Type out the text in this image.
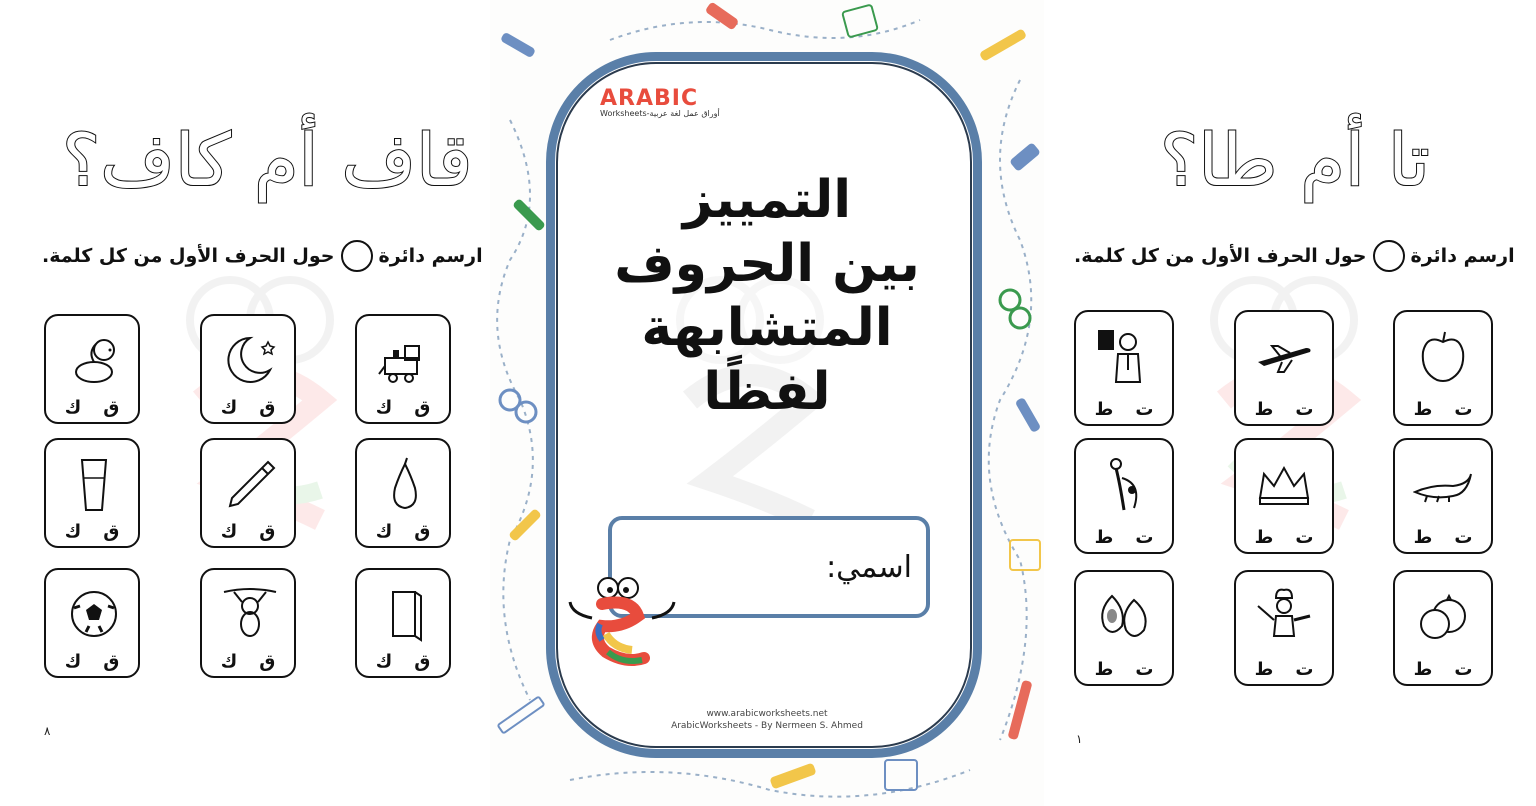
قاف أم كاف؟
ارسم دائرة
حول الحرف الأول من كل كلمة.
ق
ك
ق
ك
ق
ك
ق
ك
ق
ك
ق
ك
ق
ك
ق
ك
ق
ك
٨
ARABIC
Worksheets-أوراق عمل لغة عربية
التمييز
بين الحروف
المتشابهة
لفظًا
اسمي:
www.arabicworksheets.net
ArabicWorksheets - By Nermeen S. Ahmed
تا أم طا؟
ارسم دائرة
حول الحرف الأول من كل كلمة.
ت
ط
ت
ط
ت
ط
ت
ط
ت
ط
ت
ط
ت
ط
ت
ط
ت
ط
١
